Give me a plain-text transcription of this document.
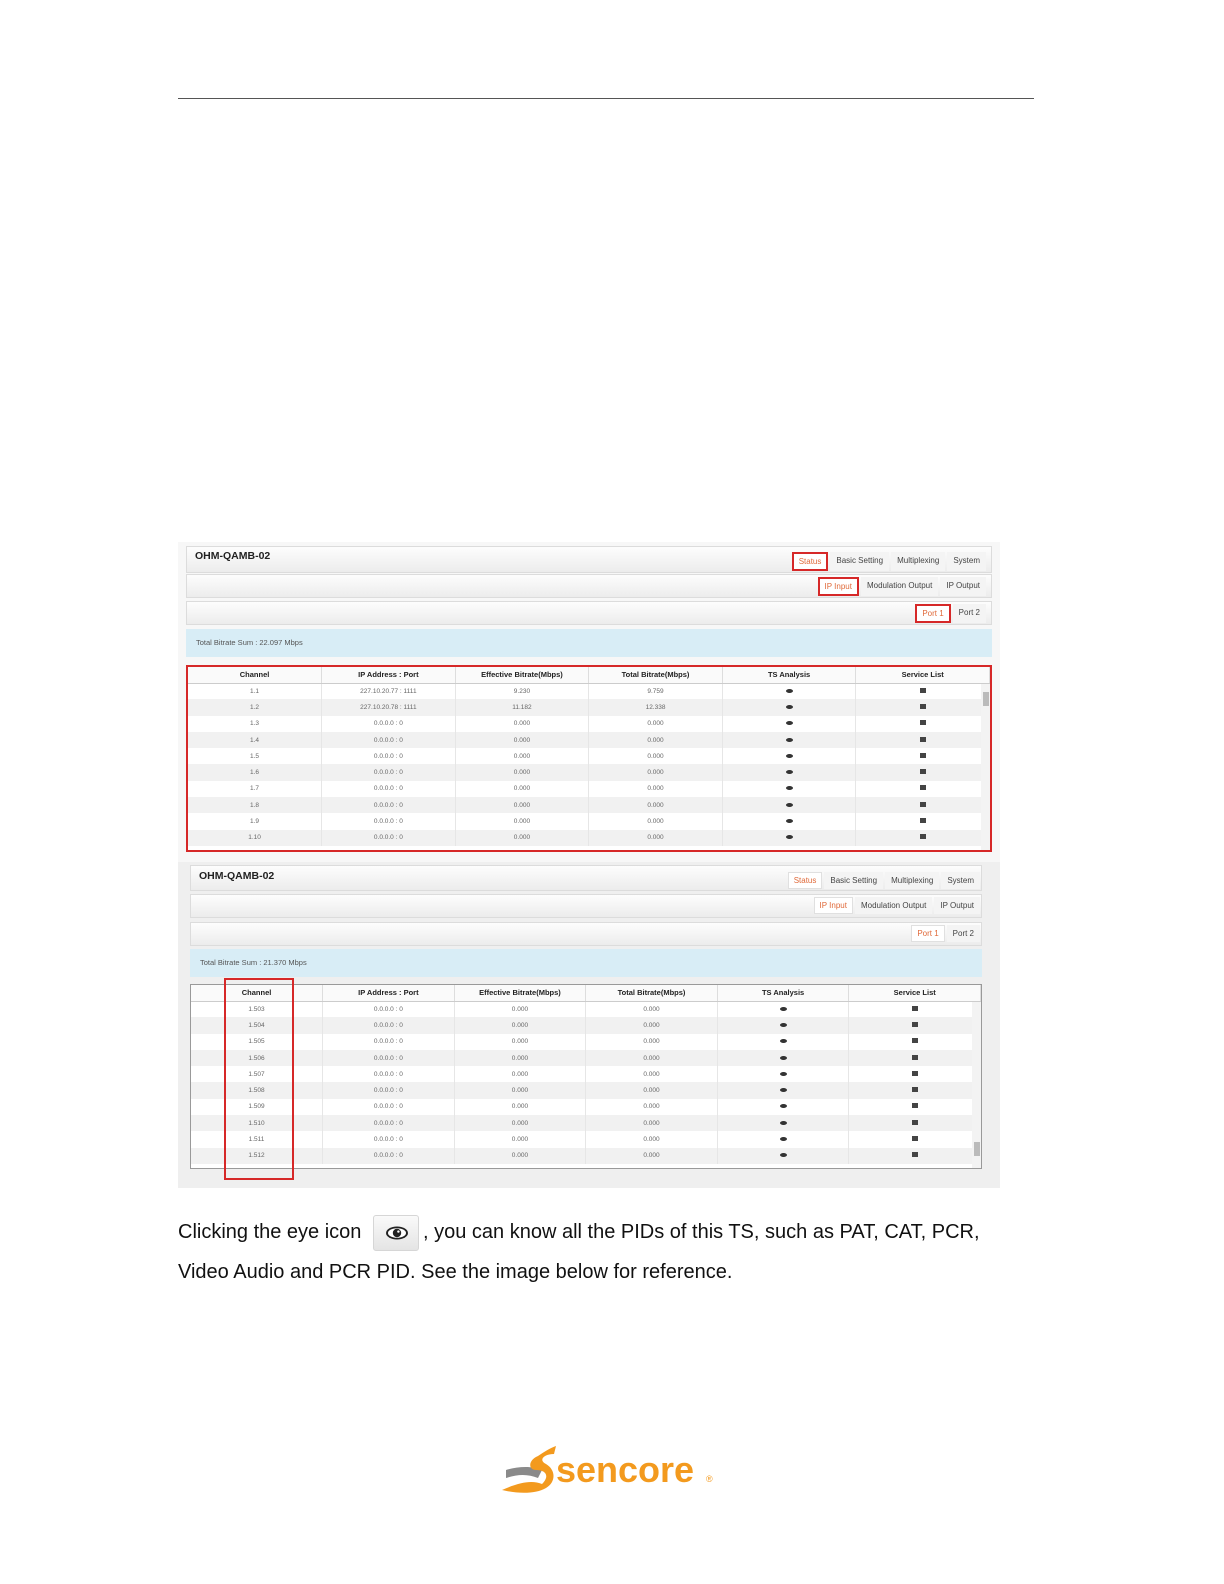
OHM-QAMB-02	Status	Basic Setting	Multiplexing	System
IP Input	Modulation Output	IP Output
Port 1	Port 2
Total Bitrate Sum : 22.097 Mbps
Channel	IP Address : Port	Effective Bitrate(Mbps)	Total Bitrate(Mbps)	TS Analysis	Service List
1.1	227.10.20.77 : 1111	9.230	9.759		
1.2	227.10.20.78 : 1111	11.182	12.338		
1.3	0.0.0.0 : 0	0.000	0.000		
1.4	0.0.0.0 : 0	0.000	0.000		
1.5	0.0.0.0 : 0	0.000	0.000		
1.6	0.0.0.0 : 0	0.000	0.000		
1.7	0.0.0.0 : 0	0.000	0.000		
1.8	0.0.0.0 : 0	0.000	0.000		
1.9	0.0.0.0 : 0	0.000	0.000		
1.10	0.0.0.0 : 0	0.000	0.000		
OHM-QAMB-02	Status	Basic Setting	Multiplexing	System
IP Input	Modulation Output	IP Output
Port 1	Port 2
Total Bitrate Sum : 21.370 Mbps
Channel	IP Address : Port	Effective Bitrate(Mbps)	Total Bitrate(Mbps)	TS Analysis	Service List
1.503	0.0.0.0 : 0	0.000	0.000		
1.504	0.0.0.0 : 0	0.000	0.000		
1.505	0.0.0.0 : 0	0.000	0.000		
1.506	0.0.0.0 : 0	0.000	0.000		
1.507	0.0.0.0 : 0	0.000	0.000		
1.508	0.0.0.0 : 0	0.000	0.000		
1.509	0.0.0.0 : 0	0.000	0.000		
1.510	0.0.0.0 : 0	0.000	0.000		
1.511	0.0.0.0 : 0	0.000	0.000		
1.512	0.0.0.0 : 0	0.000	0.000		

Clicking the eye icon	, you can know all the PIDs of this TS, such as PAT, CAT, PCR, Video Audio and PCR PID. See the image below for reference.

sencore ®
